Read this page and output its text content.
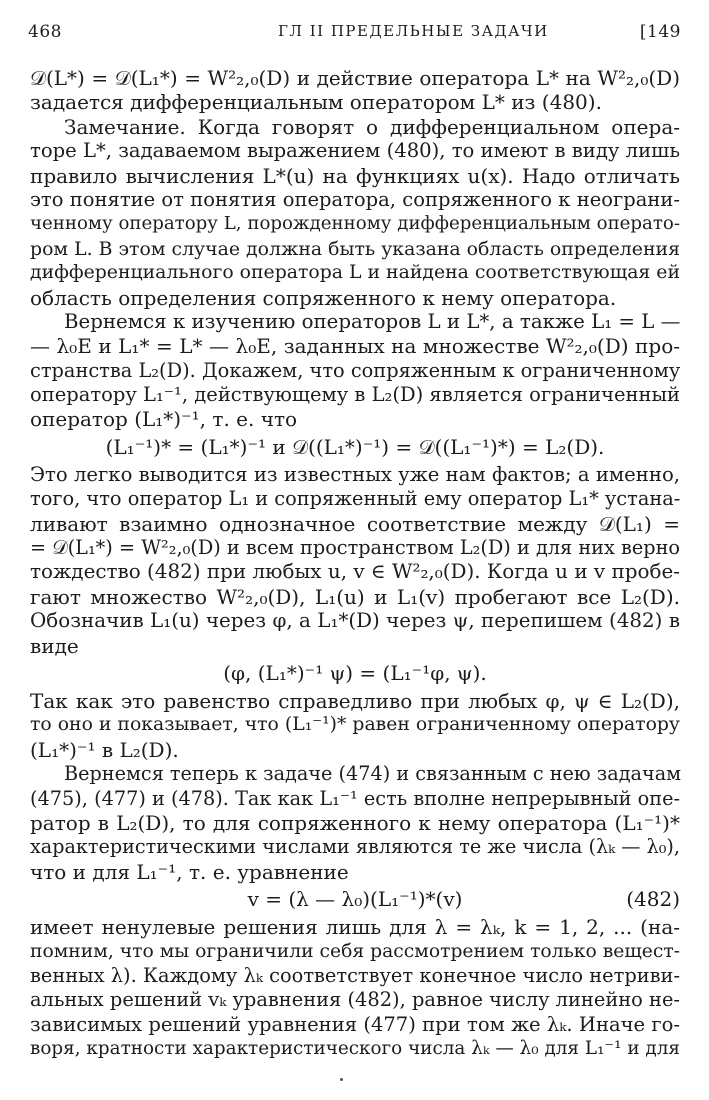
468	ГЛ II ПРЕДЕЛЬНЫЕ ЗАДАЧИ	[149
𝒟(L*) = 𝒟(L₁*) = W²₂,₀(D) и действие оператора L* на W²₂,₀(D)
задается дифференциальным оператором L* из (480).
Замечание. Когда говорят о дифференциальном опера-
торе L*, задаваемом выражением (480), то имеют в виду лишь
правило вычисления L*(u) на функциях u(x). Надо отличать
это понятие от понятия оператора, сопряженного к неограни-
ченному оператору L, порожденному дифференциальным операто-
ром L. В этом случае должна быть указана область определения
дифференциального оператора L и найдена соответствующая ей
область определения сопряженного к нему оператора.
Вернемся к изучению операторов L и L*, а также L₁ = L —
— λ₀E и L₁* = L* — λ₀E, заданных на множестве W²₂,₀(D) про-
странства L₂(D). Докажем, что сопряженным к ограниченному
оператору L₁⁻¹, действующему в L₂(D) является ограниченный
оператор (L₁*)⁻¹, т. е. что
(L₁⁻¹)* = (L₁*)⁻¹ и 𝒟((L₁*)⁻¹) = 𝒟((L₁⁻¹)*) = L₂(D).
Это легко выводится из известных уже нам фактов; а именно,
того, что оператор L₁ и сопряженный ему оператор L₁* устана-
ливают взаимно однозначное соответствие между 𝒟(L₁) =
= 𝒟(L₁*) = W²₂,₀(D) и всем пространством L₂(D) и для них верно
тождество (482) при любых u, v ∈ W²₂,₀(D). Когда u и v пробе-
гают множество W²₂,₀(D), L₁(u) и L₁(v) пробегают все L₂(D).
Обозначив L₁(u) через φ, а L₁*(D) через ψ, перепишем (482) в
виде
(φ, (L₁*)⁻¹ ψ) = (L₁⁻¹φ, ψ).
Так как это равенство справедливо при любых φ, ψ ∈ L₂(D),
то оно и показывает, что (L₁⁻¹)* равен ограниченному оператору
(L₁*)⁻¹ в L₂(D).
Вернемся теперь к задаче (474) и связанным с нею задачам
(475), (477) и (478). Так как L₁⁻¹ есть вполне непрерывный опе-
ратор в L₂(D), то для сопряженного к нему оператора (L₁⁻¹)*
характеристическими числами являются те же числа (λₖ — λ₀),
что и для L₁⁻¹, т. е. уравнение
v = (λ — λ₀)(L₁⁻¹)*(v)	(482)
имеет ненулевые решения лишь для λ = λₖ, k = 1, 2, ... (на-
помним, что мы ограничили себя рассмотрением только вещест-
венных λ). Каждому λₖ соответствует конечное число нетриви-
альных решений vₖ уравнения (482), равное числу линейно не-
зависимых решений уравнения (477) при том же λₖ. Иначе го-
воря, кратности характеристического числа λₖ — λ₀ для L₁⁻¹ и для
